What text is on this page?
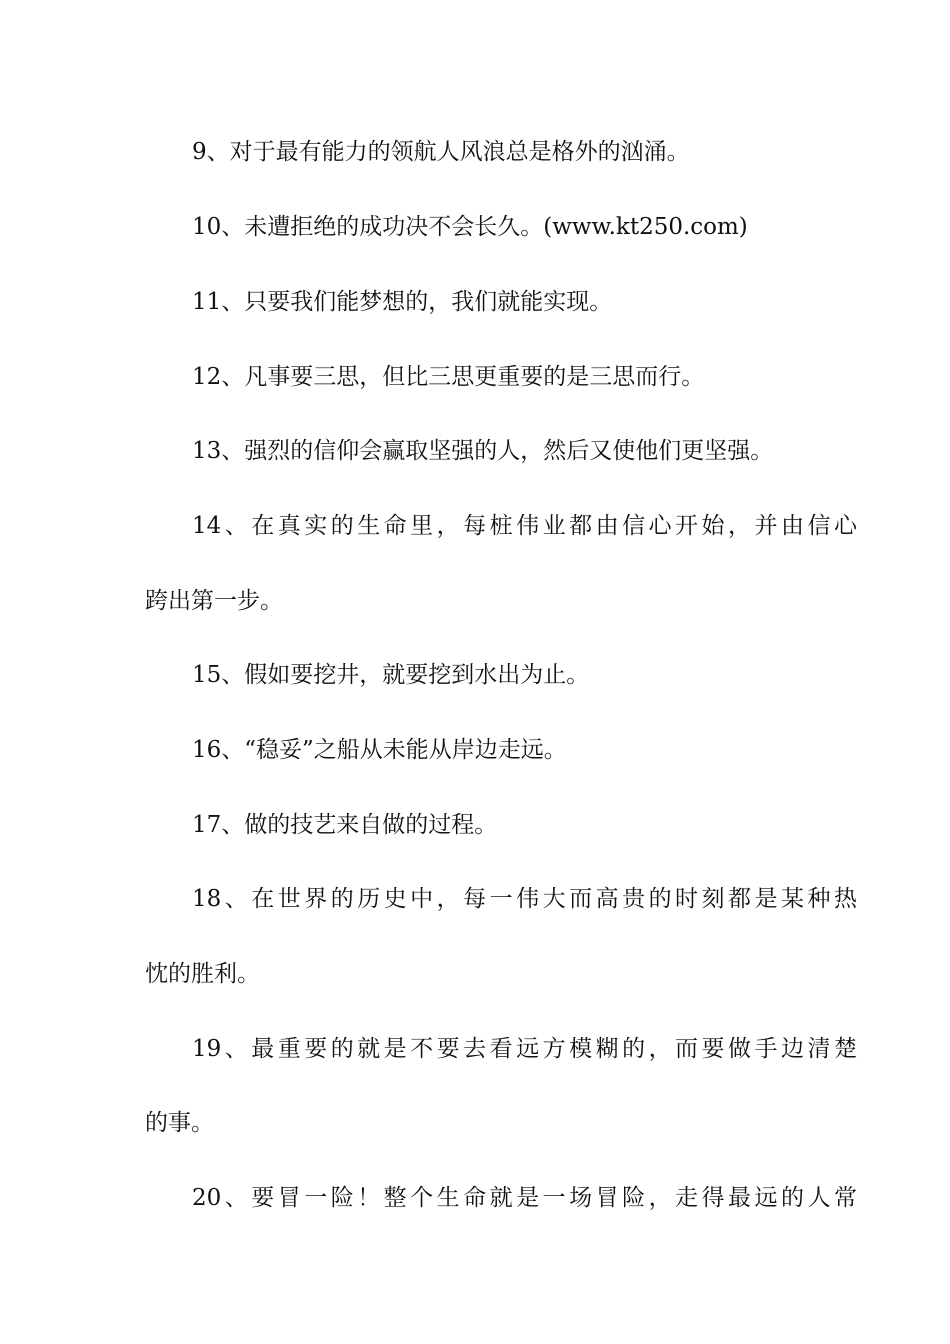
9、对于最有能力的领航人风浪总是格外的汹涌。
10、未遭拒绝的成功决不会长久。(www.kt250.com)
11、只要我们能梦想的，我们就能实现。
12、凡事要三思，但比三思更重要的是三思而行。
13、强烈的信仰会赢取坚强的人，然后又使他们更坚强。
14、在真实的生命里，每桩伟业都由信心开始，并由信心
跨出第一步。
15、假如要挖井，就要挖到水出为止。
16、“稳妥”之船从未能从岸边走远。
17、做的技艺来自做的过程。
18、在世界的历史中，每一伟大而高贵的时刻都是某种热
忱的胜利。
19、最重要的就是不要去看远方模糊的，而要做手边清楚
的事。
20、要冒一险！整个生命就是一场冒险，走得最远的人常
